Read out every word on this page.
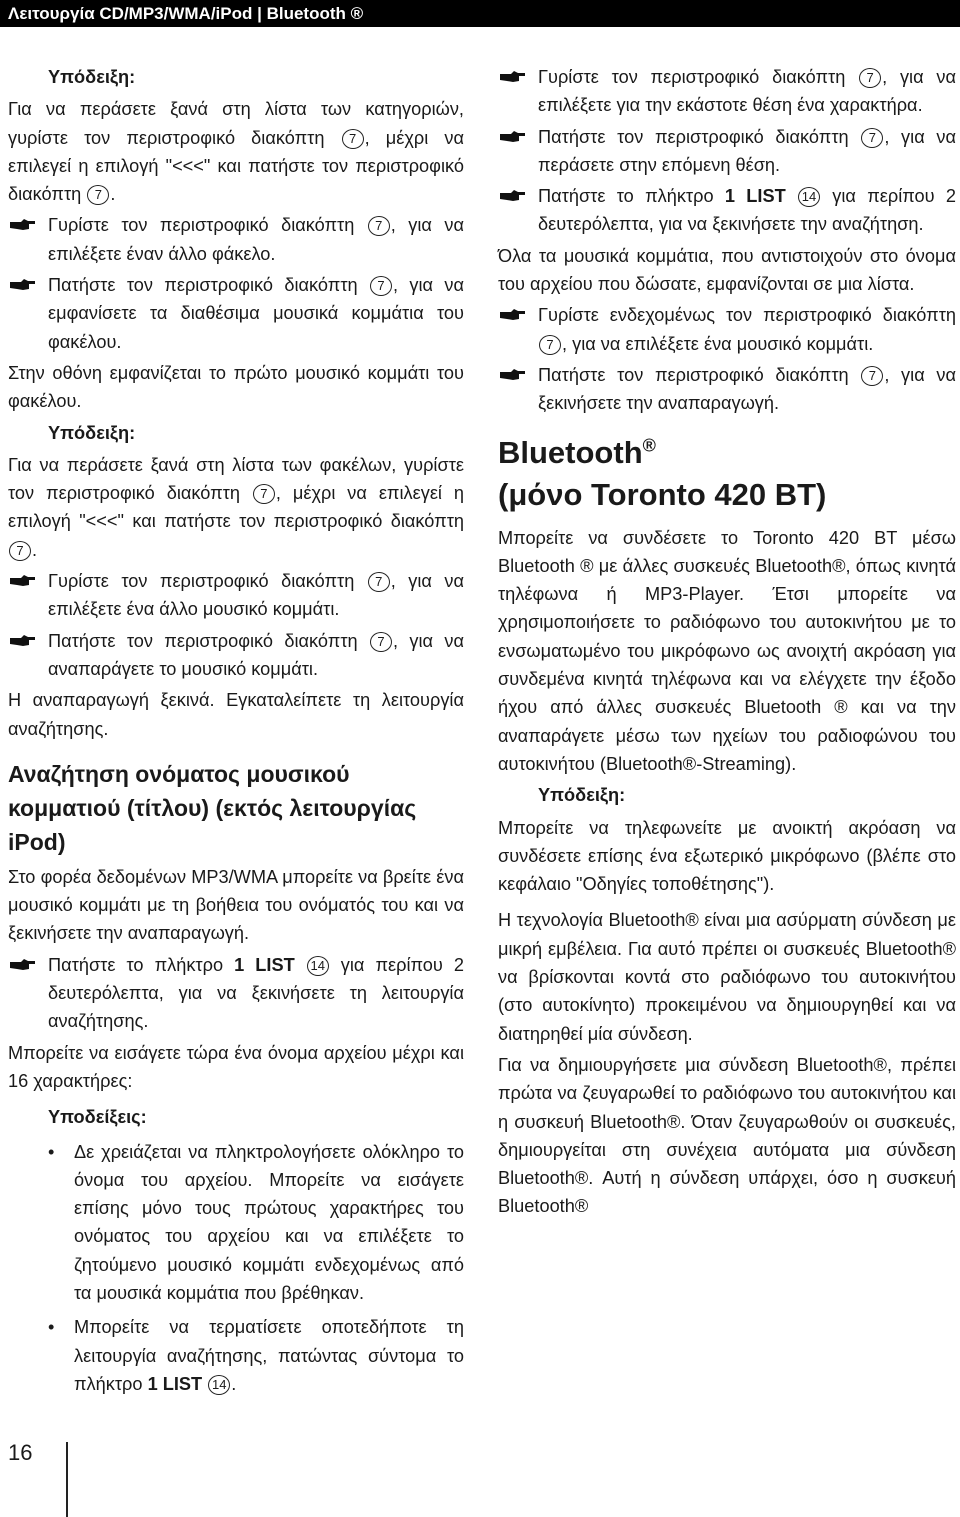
Λειτουργία CD/MP3/WMA/iPod | Bluetooth ®
Υπόδειξη:
Για να περάσετε ξανά στη λίστα των κατηγοριών, γυρίστε τον περιστροφικό διακόπτη 7 , μέχρι να επιλεγεί η επιλογή "<<<" και πατήστε τον περιστροφικό διακόπτη 7 .
Γυρίστε τον περιστροφικό διακόπτη 7 , για να επιλέξετε έναν άλλο φάκελο.
Πατήστε τον περιστροφικό διακόπτη 7 , για να εμφανίσετε τα διαθέσιμα μουσικά κομμάτια του φακέλου.
Στην οθόνη εμφανίζεται το πρώτο μουσικό κομμάτι του φακέλου.
Υπόδειξη:
Για να περάσετε ξανά στη λίστα των φακέλων, γυρίστε τον περιστροφικό διακόπτη 7 , μέχρι να επιλεγεί η επιλογή "<<<" και πατήστε τον περιστροφικό διακόπτη 7 .
Γυρίστε τον περιστροφικό διακόπτη 7 , για να επιλέξετε ένα άλλο μουσικό κομμάτι.
Πατήστε τον περιστροφικό διακόπτη 7 , για να αναπαράγετε το μουσικό κομμάτι.
Η αναπαραγωγή ξεκινά. Εγκαταλείπετε τη λειτουργία αναζήτησης.
Αναζήτηση ονόματος μουσικού κομματιού (τίτλου) (εκτός λειτουργίας iPod)
Στο φορέα δεδομένων MP3/WMA μπορείτε να βρείτε ένα μουσικό κομμάτι με τη βοήθεια του ονόματός του και να ξεκινήσετε την αναπαραγωγή.
Πατήστε το πλήκτρο 1 LIST 14 για περίπου 2 δευτερόλεπτα, για να ξεκινήσετε τη λειτουργία αναζήτησης.
Μπορείτε να εισάγετε τώρα ένα όνομα αρχείου μέχρι και 16 χαρακτήρες:
Υποδείξεις:
• Δε χρειάζεται να πληκτρολογήσετε ολόκληρο το όνομα του αρχείου. Μπορείτε να εισάγετε επίσης μόνο τους πρώτους χαρακτήρες του ονόματος του αρχείου και να επιλέξετε το ζητούμενο μουσικό κομμάτι ενδεχομένως από τα μουσικά κομμάτια που βρέθηκαν.
• Μπορείτε να τερματίσετε οποτεδήποτε τη λειτουργία αναζήτησης, πατώντας σύντομα το πλήκτρο 1 LIST 14 .
Γυρίστε τον περιστροφικό διακόπτη 7 , για να επιλέξετε για την εκάστοτε θέση ένα χαρακτήρα.
Πατήστε τον περιστροφικό διακόπτη 7 , για να περάσετε στην επόμενη θέση.
Πατήστε το πλήκτρο 1 LIST 14 για περίπου 2 δευτερόλεπτα, για να ξεκινήσετε την αναζήτηση.
Όλα τα μουσικά κομμάτια, που αντιστοιχούν στο όνομα του αρχείου που δώσατε, εμφανίζονται σε μια λίστα.
Γυρίστε ενδεχομένως τον περιστροφικό διακόπτη 7 , για να επιλέξετε ένα μουσικό κομμάτι.
Πατήστε τον περιστροφικό διακόπτη 7 , για να ξεκινήσετε την αναπαραγωγή.
Bluetooth®
(μόνο Toronto 420 BT)
Μπορείτε να συνδέσετε το Toronto 420 BT μέσω Bluetooth ® με άλλες συσκευές Bluetooth®, όπως κινητά τηλέφωνα ή MP3-Player. Έτσι μπορείτε να χρησιμοποιήσετε το ραδιόφωνο του αυτοκινήτου με το ενσωματωμένο του μικρόφωνο ως ανοιχτή ακρόαση για συνδεμένα κινητά τηλέφωνα και να ελέγχετε την έξοδο ήχου από άλλες συσκευές Bluetooth ® και να την αναπαράγετε μέσω των ηχείων του ραδιοφώνου του αυτοκινήτου (Bluetooth®-Streaming).
Υπόδειξη:
Μπορείτε να τηλεφωνείτε με ανοικτή ακρόαση να συνδέσετε επίσης ένα εξωτερικό μικρόφωνο (βλέπε στο κεφάλαιο "Οδηγίες τοποθέτησης").
Η τεχνολογία Bluetooth® είναι μια ασύρματη σύνδεση με μικρή εμβέλεια. Για αυτό πρέπει οι συσκευές Bluetooth® να βρίσκονται κοντά στο ραδιόφωνο του αυτοκινήτου (στο αυτοκίνητο) προκειμένου να δημιουργηθεί και να διατηρηθεί μία σύνδεση.
Για να δημιουργήσετε μια σύνδεση Bluetooth®, πρέπει πρώτα να ζευγαρωθεί το ραδιόφωνο του αυτοκινήτου και η συσκευή Bluetooth®. Όταν ζευγαρωθούν οι συσκευές, δημιουργείται στη συνέχεια αυτόματα μια σύνδεση Bluetooth®. Αυτή η σύνδεση υπάρχει, όσο η συσκευή Bluetooth®
16
